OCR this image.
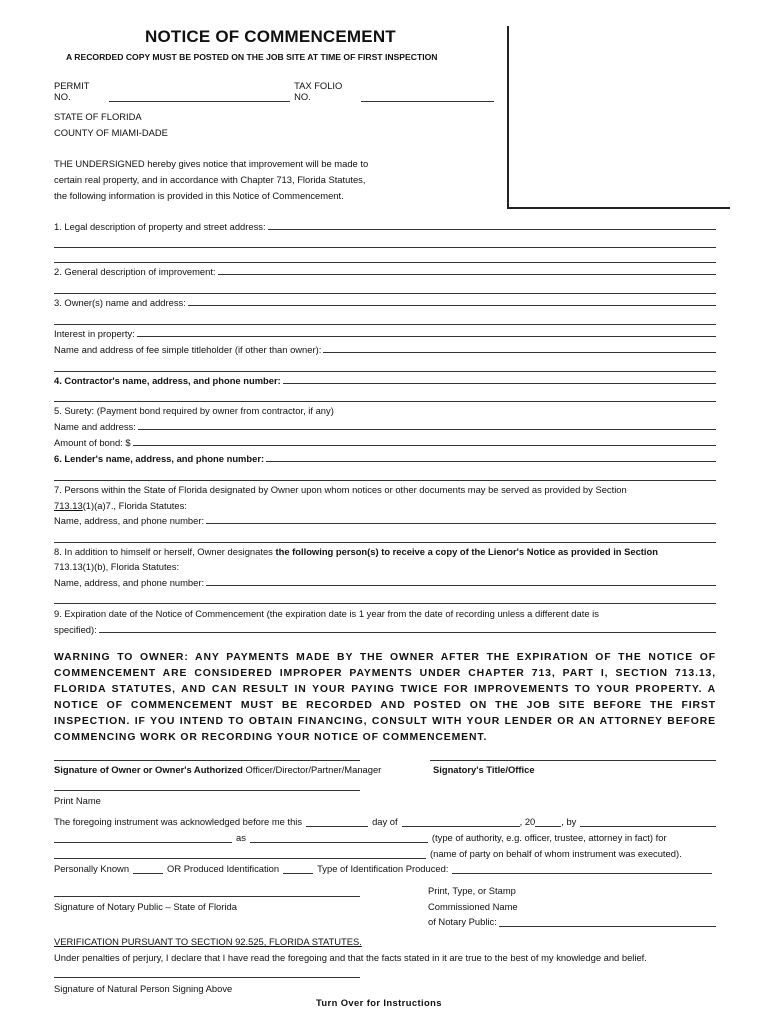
NOTICE OF COMMENCEMENT
A RECORDED COPY MUST BE POSTED ON THE JOB SITE AT TIME OF FIRST INSPECTION
PERMIT NO.
TAX FOLIO NO.
STATE OF FLORIDA
COUNTY OF MIAMI-DADE
THE UNDERSIGNED hereby gives notice that improvement will be made to
certain real property, and in accordance with Chapter 713, Florida Statutes,
the following information is provided in this Notice of Commencement.
1. Legal description of property and street address:
2. General description of improvement:
3. Owner(s) name and address:
Interest in property:
Name and address of fee simple titleholder (if other than owner):
4. Contractor's name, address, and phone number:
5. Surety: (Payment bond required by owner from contractor, if any)
Name and address:
Amount of bond: $
6. Lender's name, address, and phone number:
7. Persons within the State of Florida designated by Owner upon whom notices or other documents may be served as provided by Section
713.13(1)(a)7., Florida Statutes:
Name, address, and phone number:
8. In addition to himself or herself, Owner designates the following person(s) to receive a copy of the Lienor's Notice as provided in Section
713.13(1)(b), Florida Statutes:
Name, address, and phone number:
9. Expiration date of the Notice of Commencement (the expiration date is 1 year from the date of recording unless a different date is
specified):
WARNING TO OWNER: ANY PAYMENTS MADE BY THE OWNER AFTER THE EXPIRATION OF THE NOTICE OF COMMENCEMENT ARE CONSIDERED IMPROPER PAYMENTS UNDER CHAPTER 713, PART I, SECTION 713.13, FLORIDA STATUTES, AND CAN RESULT IN YOUR PAYING TWICE FOR IMPROVEMENTS TO YOUR PROPERTY. A NOTICE OF COMMENCEMENT MUST BE RECORDED AND POSTED ON THE JOB SITE BEFORE THE FIRST INSPECTION. IF YOU INTEND TO OBTAIN FINANCING, CONSULT WITH YOUR LENDER OR AN ATTORNEY BEFORE COMMENCING WORK OR RECORDING YOUR NOTICE OF COMMENCEMENT.
Signature of Owner or Owner's Authorized Officer/Director/Partner/Manager	Signatory's Title/Office
Print Name
The foregoing instrument was acknowledged before me this	day of	, 20	, by
as	(type of authority, e.g. officer, trustee, attorney in fact) for
(name of party on behalf of whom instrument was executed).
Personally Known	OR Produced Identification	Type of Identification Produced:
Signature of Notary Public – State of Florida
Print, Type, or Stamp
Commissioned Name
of Notary Public:
VERIFICATION PURSUANT TO SECTION 92.525, FLORIDA STATUTES.
Under penalties of perjury, I declare that I have read the foregoing and that the facts stated in it are true to the best of my knowledge and belief.
Signature of Natural Person Signing Above
Turn Over for Instructions
